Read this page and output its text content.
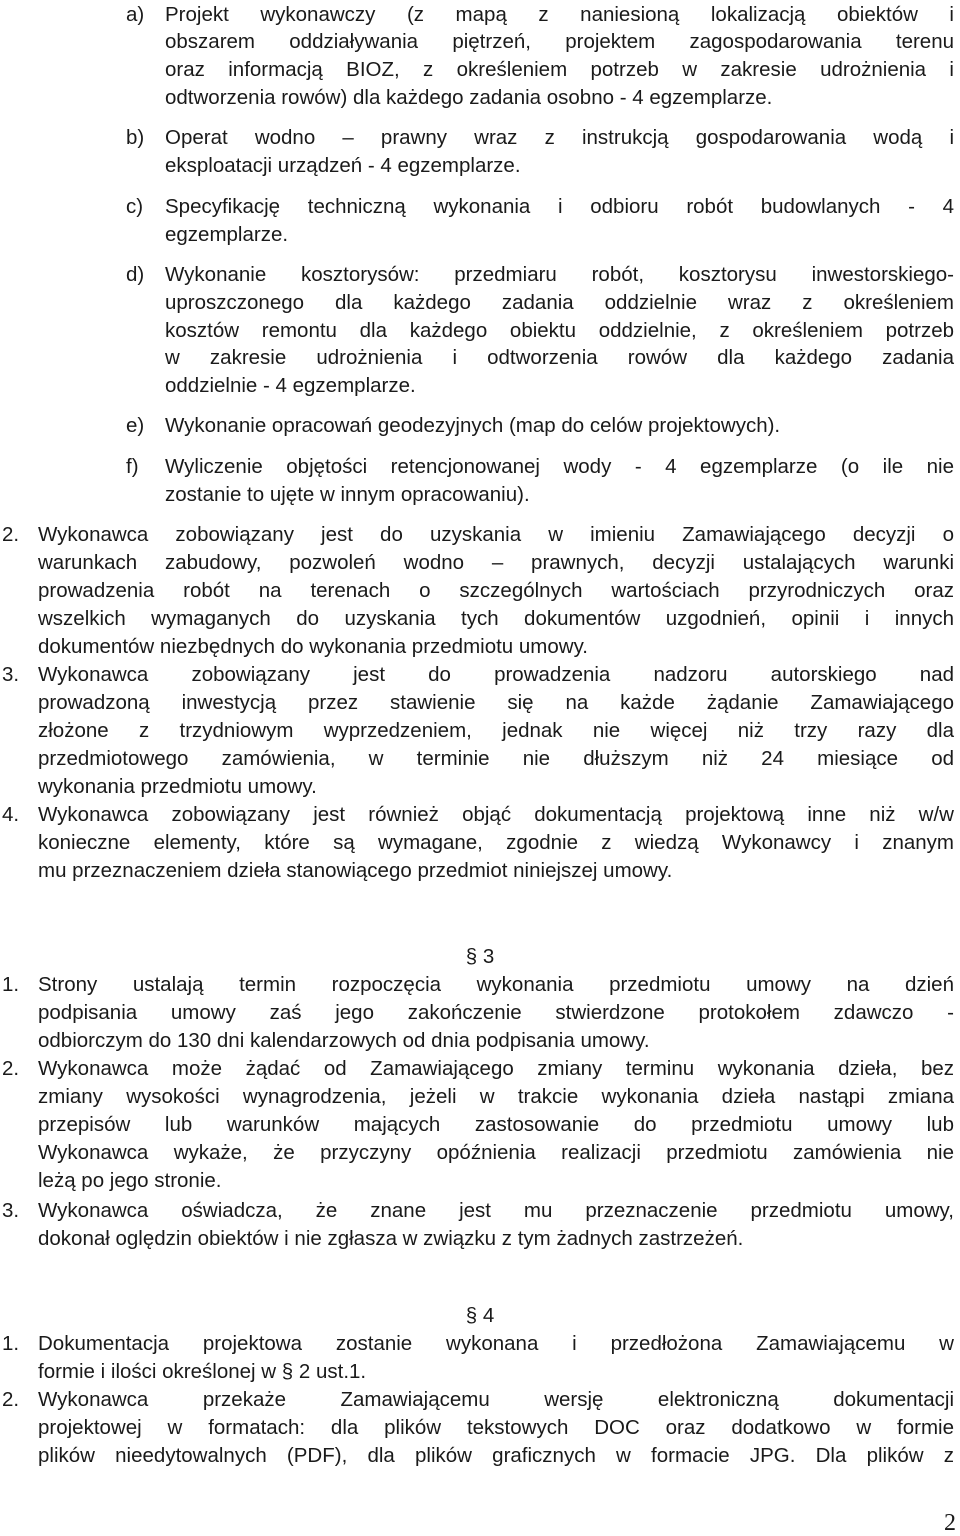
a) Projekt wykonawczy (z mapą z naniesioną lokalizacją obiektów i
obszarem oddziaływania piętrzeń, projektem zagospodarowania terenu
oraz informacją BIOZ, z określeniem potrzeb w zakresie udrożnienia i
odtworzenia rowów) dla każdego zadania osobno - 4 egzemplarze.
b) Operat wodno – prawny wraz z instrukcją gospodarowania wodą i
eksploatacji urządzeń - 4 egzemplarze.
c) Specyfikację techniczną wykonania i odbioru robót budowlanych - 4
egzemplarze.
d) Wykonanie kosztorysów: przedmiaru robót, kosztorysu inwestorskiego-
uproszczonego dla każdego zadania oddzielnie wraz z określeniem
kosztów remontu dla każdego obiektu oddzielnie, z określeniem potrzeb
w zakresie udrożnienia i odtworzenia rowów dla każdego zadania
oddzielnie - 4 egzemplarze.
e) Wykonanie opracowań geodezyjnych (map do celów projektowych).
f) Wyliczenie objętości retencjonowanej wody - 4 egzemplarze (o ile nie
zostanie to ujęte w innym opracowaniu).
2. Wykonawca zobowiązany jest do uzyskania w imieniu Zamawiającego decyzji o
warunkach zabudowy, pozwoleń wodno – prawnych, decyzji ustalających warunki
prowadzenia robót na terenach o szczególnych wartościach przyrodniczych oraz
wszelkich wymaganych do uzyskania tych dokumentów uzgodnień, opinii i innych
dokumentów niezbędnych do wykonania przedmiotu umowy.
3. Wykonawca zobowiązany jest do prowadzenia nadzoru autorskiego nad
prowadzoną inwestycją przez stawienie się na każde żądanie Zamawiającego
złożone z trzydniowym wyprzedzeniem, jednak nie więcej niż trzy razy dla
przedmiotowego zamówienia, w terminie nie dłuższym niż 24 miesiące od
wykonania przedmiotu umowy.
4. Wykonawca zobowiązany jest również objąć dokumentacją projektową inne niż w/w
konieczne elementy, które są wymagane, zgodnie z wiedzą Wykonawcy i znanym
mu przeznaczeniem dzieła stanowiącego przedmiot niniejszej umowy.
§ 3
1. Strony ustalają termin rozpoczęcia wykonania przedmiotu umowy na dzień
podpisania umowy zaś jego zakończenie stwierdzone protokołem zdawczo -
odbiorczym do 130 dni kalendarzowych od dnia podpisania umowy.
2. Wykonawca może żądać od Zamawiającego zmiany terminu wykonania dzieła, bez
zmiany wysokości wynagrodzenia, jeżeli w trakcie wykonania dzieła nastąpi zmiana
przepisów lub warunków mających zastosowanie do przedmiotu umowy lub
Wykonawca wykaże, że przyczyny opóźnienia realizacji przedmiotu zamówienia nie
leżą po jego stronie.
3. Wykonawca oświadcza, że znane jest mu przeznaczenie przedmiotu umowy,
dokonał oględzin obiektów i nie zgłasza w związku z tym żadnych zastrzeżeń.
§ 4
1. Dokumentacja projektowa zostanie wykonana i przedłożona Zamawiającemu w
formie i ilości określonej w § 2 ust.1.
2. Wykonawca przekaże Zamawiającemu wersję elektroniczną dokumentacji
projektowej w formatach: dla plików tekstowych DOC oraz dodatkowo w formie
plików nieedytowalnych (PDF), dla plików graficznych w formacie JPG. Dla plików z
2
